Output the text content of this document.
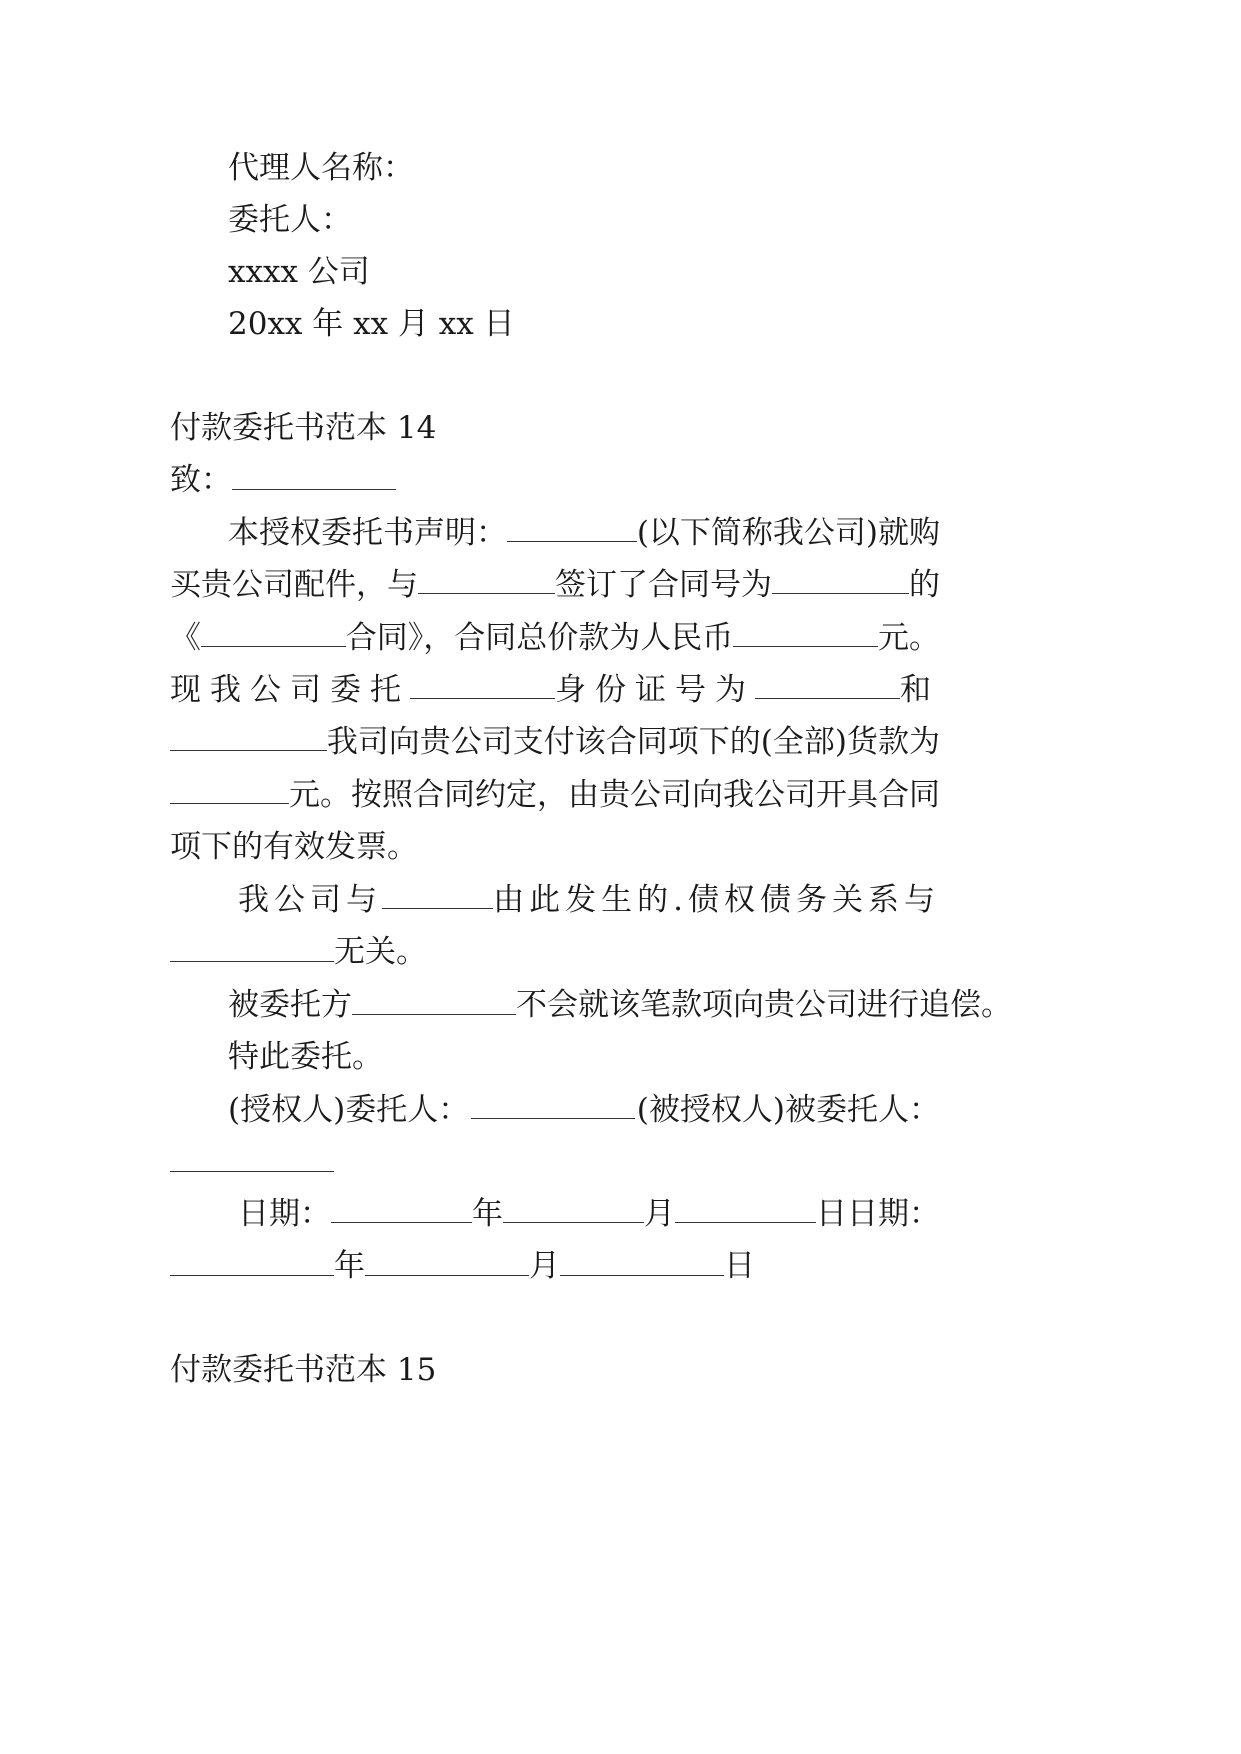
代理人名称：
委托人：
xxxx 公司
20xx 年 xx 月 xx 日
付款委托书范本 14
致：
本授权委托书声明：	(以下简称我公司)就购
买贵公司配件，与	签订了合同号为	的
《	合同》，合同总价款为人民币	元。
现我公司委托	身份证号为	和
我司向贵公司支付该合同项下的(全部)货款为
元。按照合同约定，由贵公司向我公司开具合同
项下的有效发票。
我公司与	由此发生的.债权债务关系与
无关。
被委托方	不会就该笔款项向贵公司进行追偿。
特此委托。
(授权人)委托人：	(被授权人)被委托人：
日期：	年	月	日日期：
年	月	日
付款委托书范本 15
